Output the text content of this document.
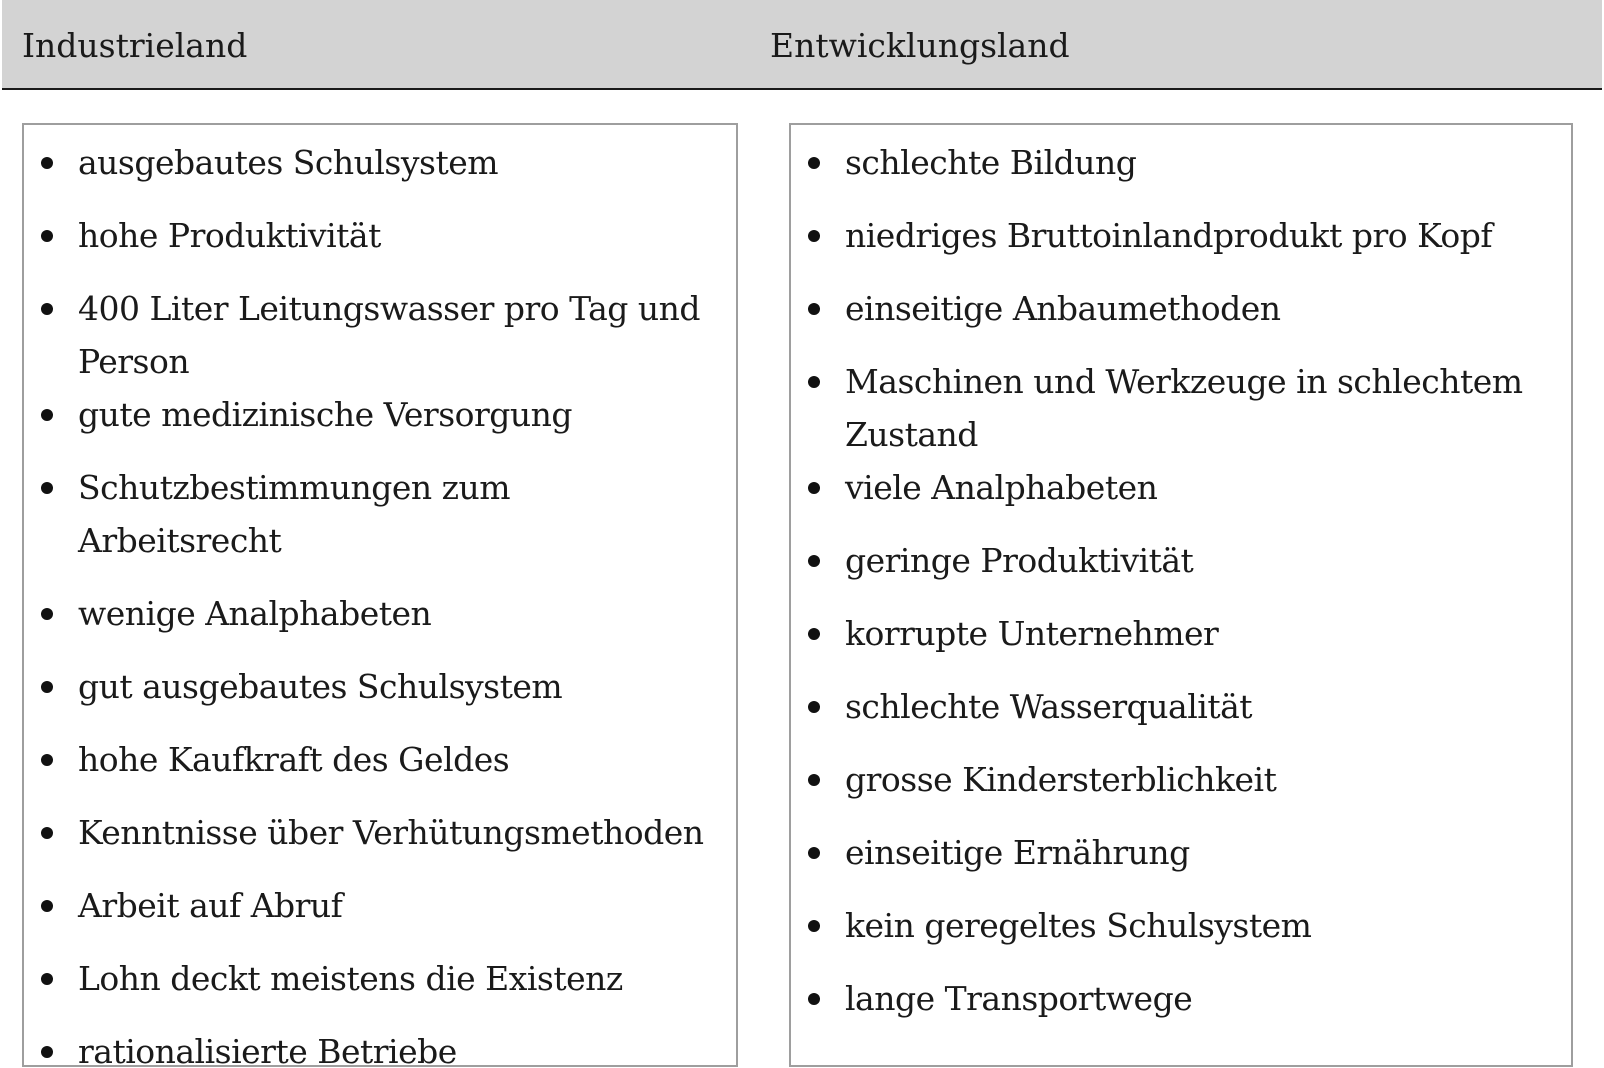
Industrieland	Entwicklungsland
ausgebautes Schulsystem
hohe Produktivität
400 Liter Leitungswasser pro Tag und Person
gute medizinische Versorgung
Schutzbestimmungen zum Arbeitsrecht
wenige Analphabeten
gut ausgebautes Schulsystem
hohe Kaufkraft des Geldes
Kenntnisse über Verhütungsmethoden
Arbeit auf Abruf
Lohn deckt meistens die Existenz
rationalisierte Betriebe
schlechte Bildung
niedriges Bruttoinlandprodukt pro Kopf
einseitige Anbaumethoden
Maschinen und Werkzeuge in schlechtem Zustand
viele Analphabeten
geringe Produktivität
korrupte Unternehmer
schlechte Wasserqualität
grosse Kindersterblichkeit
einseitige Ernährung
kein geregeltes Schulsystem
lange Transportwege
